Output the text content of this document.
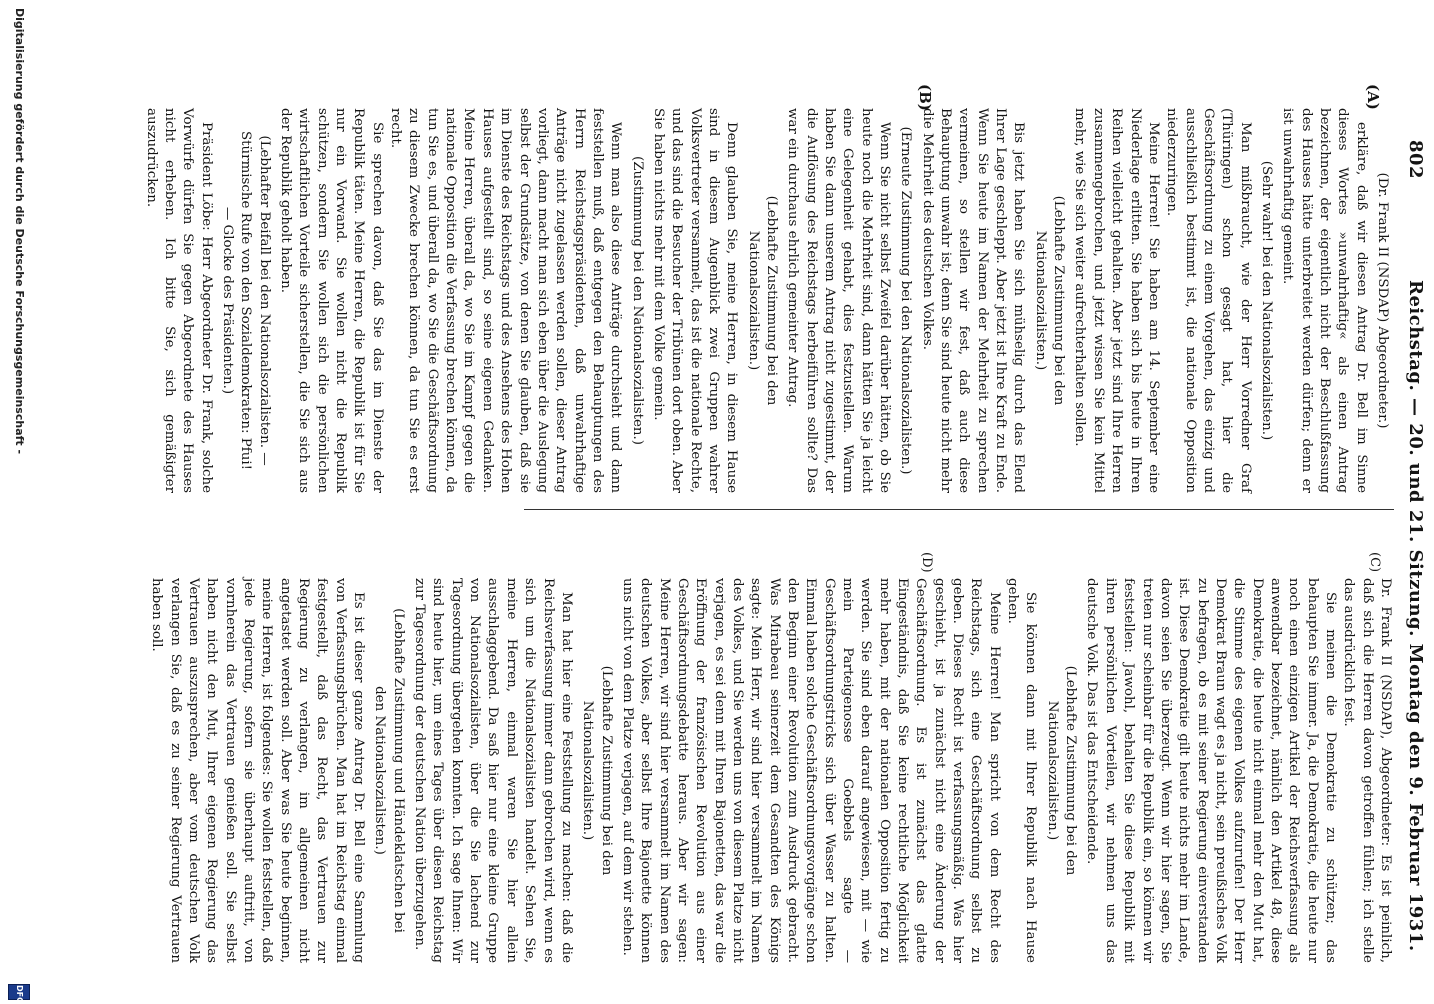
802
Reichstag. — 20. und 21. Sitzung. Montag den 9. Februar 1931.
(A)
(B)
(C)
(D)

(Dr. Frank II (NSDAP) Abgeordneter.)

erkläre, daß wir diesen Antrag Dr. Bell im Sinne dieses Wortes »unwahrhaftig« als einen Antrag bezeichnen, der eigentlich nicht der Beschlußfassung des Hauses hätte unterbreitet werden dürfen; denn er ist unwahrhaftig gemeint.

(Sehr wahr! bei den Nationalsozialisten.)

Man mißbraucht, wie der Herr Vorredner Graf (Thüringen) schon gesagt hat, hier die Geschäftsordnung zu einem Vorgehen, das einzig und ausschließlich bestimmt ist, die nationale Opposition niederzuringen.

Meine Herren! Sie haben am 14. September eine Niederlage erlitten. Sie haben sich bis heute in Ihren Reihen vielleicht gehalten. Aber jetzt sind Ihre Herren zusammengebrochen, und jetzt wissen Sie kein Mittel mehr, wie Sie sich weiter aufrechterhalten sollen.

(Lebhafte Zustimmung bei den Nationalsozialisten.)

Bis jetzt haben Sie sich mühselig durch das Elend Ihrer Lage geschleppt. Aber jetzt ist Ihre Kraft zu Ende. Wenn Sie heute im Namen der Mehrheit zu sprechen vermeinen, so stellen wir fest, daß auch diese Behauptung unwahr ist; denn Sie sind heute nicht mehr die Mehrheit des deutschen Volkes.

(Erneute Zustimmung bei den Nationalsozialisten.)

Wenn Sie nicht selbst Zweifel darüber hätten, ob Sie heute noch die Mehrheit sind, dann hätten Sie ja leicht eine Gelegenheit gehabt, dies festzustellen. Warum haben Sie dann unserem Antrag nicht zugestimmt, der die Auflösung des Reichstags herbeiführen sollte? Das war ein durchaus ehrlich gemeinter Antrag.

(Lebhafte Zustimmung bei den Nationalsozialisten.)

Denn glauben Sie, meine Herren, in diesem Hause sind in diesem Augenblick zwei Gruppen wahrer Volksvertreter versammelt, das ist die nationale Rechte, und das sind die Besucher der Tribünen dort oben. Aber Sie haben nichts mehr mit dem Volke gemein.

(Zustimmung bei den Nationalsozialisten.)

Wenn man also diese Anträge durchsieht und dann feststellen muß, daß entgegen den Behauptungen des Herrn Reichstagspräsidenten, daß unwahrhaftige Anträge nicht zugelassen werden sollen, dieser Antrag vorliegt, dann macht man sich eben über die Auslegung selbst der Grundsätze, von denen Sie glauben, daß sie im Dienste des Reichstags und des Ansehens des Hohen Hauses aufgestellt sind, so seine eigenen Gedanken. Meine Herren, überall da, wo Sie im Kampf gegen die nationale Opposition die Verfassung brechen können, da tun Sie es, und überall da, wo Sie die Geschäftsordnung zu diesem Zwecke brechen können, da tun Sie es erst recht.

Sie sprechen davon, daß Sie das im Dienste der Republik täten. Meine Herren, die Republik ist für Sie nur ein Vorwand. Sie wollen nicht die Republik schützen, sondern Sie wollen sich die persönlichen wirtschaftlichen Vorteile sicherstellen, die Sie sich aus der Republik geholt haben.

(Lebhafter Beifall bei den Nationalsozialisten. — Stürmische Rufe von den Sozialdemokraten: Pfui! — Glocke des Präsidenten.)

Präsident Löbe: Herr Abgeordneter Dr. Frank, solche Vorwürfe dürfen Sie gegen Abgeordnete des Hauses nicht erheben. Ich bitte Sie, sich gemäßigter auszudrücken.

Dr. Frank II (NSDAP), Abgeordneter: Es ist peinlich, daß sich die Herren davon getroffen fühlen; ich stelle das ausdrücklich fest.

Sie meinen die Demokratie zu schützen; das behaupten Sie immer. Ja, die Demokratie, die heute nur noch einen einzigen Artikel der Reichsverfassung als anwendbar bezeichnet, nämlich den Artikel 48, diese Demokratie, die heute nicht einmal mehr den Mut hat, die Stimme des eigenen Volkes aufzurufen! Der Herr Demokrat Braun wagt es ja nicht, sein preußisches Volk zu befragen, ob es mit seiner Regierung einverstanden ist. Diese Demokratie gilt heute nichts mehr im Lande, davon seien Sie überzeugt. Wenn wir hier sagen, Sie treten nur scheinbar für die Republik ein, so können wir feststellen: Jawohl, behalten Sie diese Republik mit ihren persönlichen Vorteilen, wir nehmen uns das deutsche Volk. Das ist das Entscheidende.

(Lebhafte Zustimmung bei den Nationalsozialisten.)

Sie können dann mit Ihrer Republik nach Hause gehen.

Meine Herren! Man spricht von dem Recht des Reichstags, sich eine Geschäftsordnung selbst zu geben. Dieses Recht ist verfassungsmäßig. Was hier geschieht, ist ja zunächst nicht eine Änderung der Geschäftsordnung. Es ist zunächst das glatte Eingeständnis, daß Sie keine rechtliche Möglichkeit mehr haben, mit der nationalen Opposition fertig zu werden. Sie sind eben darauf angewiesen, mit — wie mein Parteigenosse Goebbels sagte — Geschäftsordnungstricks sich über Wasser zu halten. Einmal haben solche Geschäftsordnungsvorgänge schon den Beginn einer Revolution zum Ausdruck gebracht. Was Mirabeau seinerzeit dem Gesandten des Königs sagte: Mein Herr, wir sind hier versammelt im Namen des Volkes, und Sie werden uns von diesem Platze nicht verjagen, es sei denn mit Ihren Bajonetten, das war die Eröffnung der französischen Revolution aus einer Geschäftsordnungsdebatte heraus. Aber wir sagen: Meine Herren, wir sind hier versammelt im Namen des deutschen Volkes, aber selbst Ihre Bajonette können uns nicht von dem Platze verjagen, auf dem wir stehen.

(Lebhafte Zustimmung bei den Nationalsozialisten.)

Man hat hier eine Feststellung zu machen: daß die Reichsverfassung immer dann gebrochen wird, wenn es sich um die Nationalsozialisten handelt. Sehen Sie, meine Herren, einmal waren Sie hier allein ausschlaggebend. Da saß hier nur eine kleine Gruppe von Nationalsozialisten, über die Sie lachend zur Tagesordnung übergehen konnten. Ich sage Ihnen: Wir sind heute hier, um eines Tages über diesen Reichstag zur Tagesordnung der deutschen Nation überzugehen.

(Lebhafte Zustimmung und Händeklatschen bei den Nationalsozialisten.)

Es ist dieser ganze Antrag Dr. Bell eine Sammlung von Verfassungsbrüchen. Man hat im Reichstag einmal festgestellt, daß das Recht, das Vertrauen zur Regierung zu verlangen, im allgemeinen nicht angetastet werden soll. Aber was Sie heute beginnen, meine Herren, ist folgendes: Sie wollen feststellen, daß jede Regierung, sofern sie überhaupt auftritt, von vornherein das Vertrauen genießen soll. Sie selbst haben nicht den Mut, Ihrer eigenen Regierung das Vertrauen auszusprechen, aber vom deutschen Volk verlangen Sie, daß es zu seiner Regierung Vertrauen haben soll.

Digitalisierung gefördert durch die Deutsche Forschungsgemeinschaft -
DFG
